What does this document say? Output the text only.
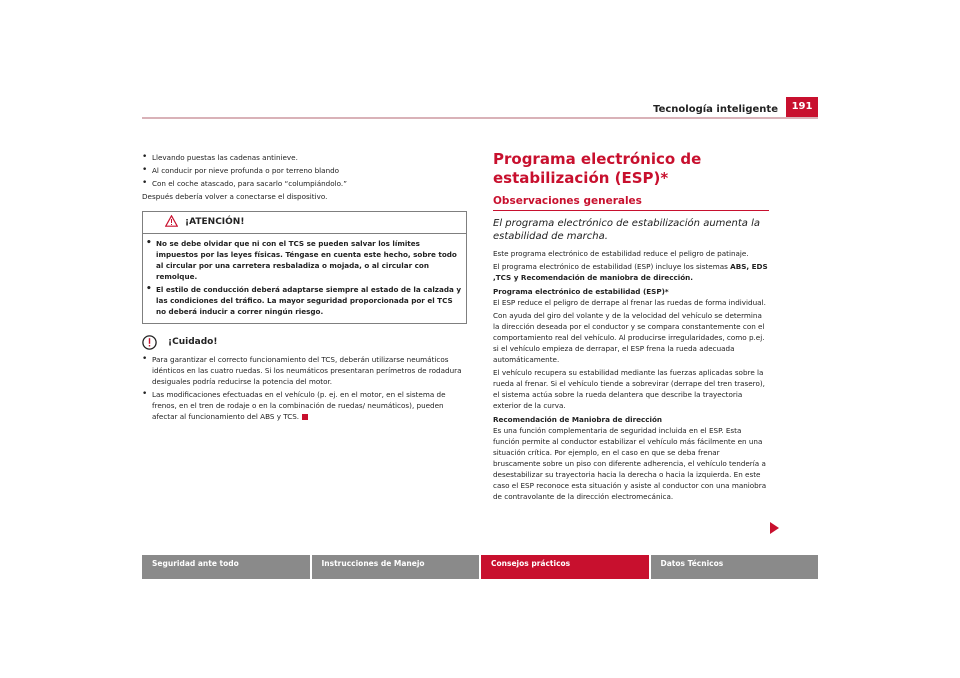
Tecnología inteligente	191
• Llevando puestas las cadenas antinieve.
• Al conducir por nieve profunda o por terreno blando
• Con el coche atascado, para sacarlo “columpiándolo.”

Después debería volver a conectarse el dispositivo.

¡ATENCIÓN!
• No se debe olvidar que ni con el TCS se pueden salvar los límites impuestos por las leyes físicas. Téngase en cuenta este hecho, sobre todo al circular por una carretera resbaladiza o mojada, o al circular con remolque.
• El estilo de conducción deberá adaptarse siempre al estado de la calzada y las condiciones del tráfico. La mayor seguridad proporcionada por el TCS no deberá inducir a correr ningún riesgo.
¡Cuidado!
• Para garantizar el correcto funcionamiento del TCS, deberán utilizarse neumáticos idénticos en las cuatro ruedas. Si los neumáticos presentaran perímetros de rodadura desiguales podría reducirse la potencia del motor.
• Las modificaciones efectuadas en el vehículo (p. ej. en el motor, en el sistema de frenos, en el tren de rodaje o en la combinación de ruedas/ neumáticos), pueden afectar al funcionamiento del ABS y TCS.
Programa electrónico de estabilización (ESP)*
Observaciones generales
El programa electrónico de estabilización aumenta la estabilidad de marcha.

Este programa electrónico de estabilidad reduce el peligro de patinaje.

El programa electrónico de estabilidad (ESP) incluye los sistemas ABS, EDS ,TCS y Recomendación de maniobra de dirección.

Programa electrónico de estabilidad (ESP)*

El ESP reduce el peligro de derrape al frenar las ruedas de forma individual.

Con ayuda del giro del volante y de la velocidad del vehículo se determina la dirección deseada por el conductor y se compara constantemente con el comportamiento real del vehículo. Al producirse irregularidades, como p.ej. si el vehículo empieza de derrapar, el ESP frena la rueda adecuada automáticamente.

El vehículo recupera su estabilidad mediante las fuerzas aplicadas sobre la rueda al frenar. Si el vehículo tiende a sobrevirar (derrape del tren trasero), el sistema actúa sobre la rueda delantera que describe la trayectoria exterior de la curva.

Recomendación de Maniobra de dirección

Es una función complementaria de seguridad incluida en el ESP. Esta función permite al conductor estabilizar el vehículo más fácilmente en una situación crítica. Por ejemplo, en el caso en que se deba frenar bruscamente sobre un piso con diferente adherencia, el vehículo tendería a desestabilizar su trayectoria hacia la derecha o hacia la izquierda. En este caso el ESP reconoce esta situación y asiste al conductor con una maniobra de contravolante de la dirección electromecánica.

Seguridad ante todo	Instrucciones de Manejo	Consejos prácticos	Datos Técnicos
